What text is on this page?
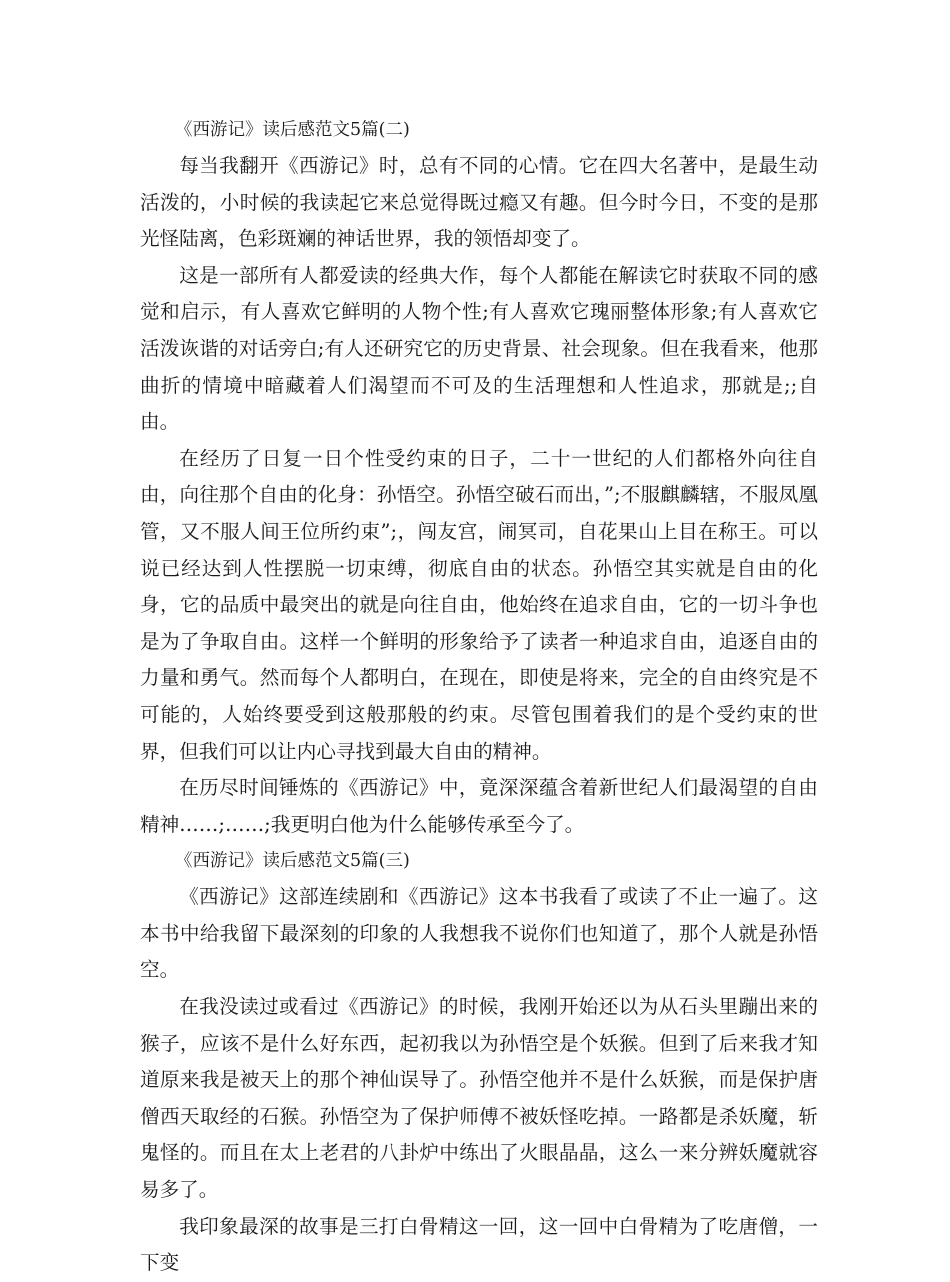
《西游记》读后感范文5篇(二)

每当我翻开《西游记》时，总有不同的心情。它在四大名著中，是最生动活泼的，小时候的我读起它来总觉得既过瘾又有趣。但今时今日，不变的是那光怪陆离，色彩斑斓的神话世界，我的领悟却变了。

这是一部所有人都爱读的经典大作，每个人都能在解读它时获取不同的感觉和启示，有人喜欢它鲜明的人物个性;有人喜欢它瑰丽整体形象;有人喜欢它活泼诙谐的对话旁白;有人还研究它的历史背景、社会现象。但在我看来，他那曲折的情境中暗藏着人们渴望而不可及的生活理想和人性追求，那就是;;自由。

在经历了日复一日个性受约束的日子，二十一世纪的人们都格外向往自由，向往那个自由的化身：孙悟空。孙悟空破石而出，”;不服麒麟辖，不服凤凰管，又不服人间王位所约束”;，闯友宫，闹冥司，自花果山上目在称王。可以说已经达到人性摆脱一切束缚，彻底自由的状态。孙悟空其实就是自由的化身，它的品质中最突出的就是向往自由，他始终在追求自由，它的一切斗争也是为了争取自由。这样一个鲜明的形象给予了读者一种追求自由，追逐自由的力量和勇气。然而每个人都明白，在现在，即使是将来，完全的自由终究是不可能的，人始终要受到这般那般的约束。尽管包围着我们的是个受约束的世界，但我们可以让内心寻找到最大自由的精神。

在历尽时间锤炼的《西游记》中，竟深深蕴含着新世纪人们最渴望的自由精神……;……;我更明白他为什么能够传承至今了。

《西游记》读后感范文5篇(三)

《西游记》这部连续剧和《西游记》这本书我看了或读了不止一遍了。这本书中给我留下最深刻的印象的人我想我不说你们也知道了，那个人就是孙悟空。

在我没读过或看过《西游记》的时候，我刚开始还以为从石头里蹦出来的猴子，应该不是什么好东西，起初我以为孙悟空是个妖猴。但到了后来我才知道原来我是被天上的那个神仙误导了。孙悟空他并不是什么妖猴，而是保护唐僧西天取经的石猴。孙悟空为了保护师傅不被妖怪吃掉。一路都是杀妖魔，斩鬼怪的。而且在太上老君的八卦炉中练出了火眼晶晶，这么一来分辨妖魔就容易多了。

我印象最深的故事是三打白骨精这一回，这一回中白骨精为了吃唐僧，一下变
